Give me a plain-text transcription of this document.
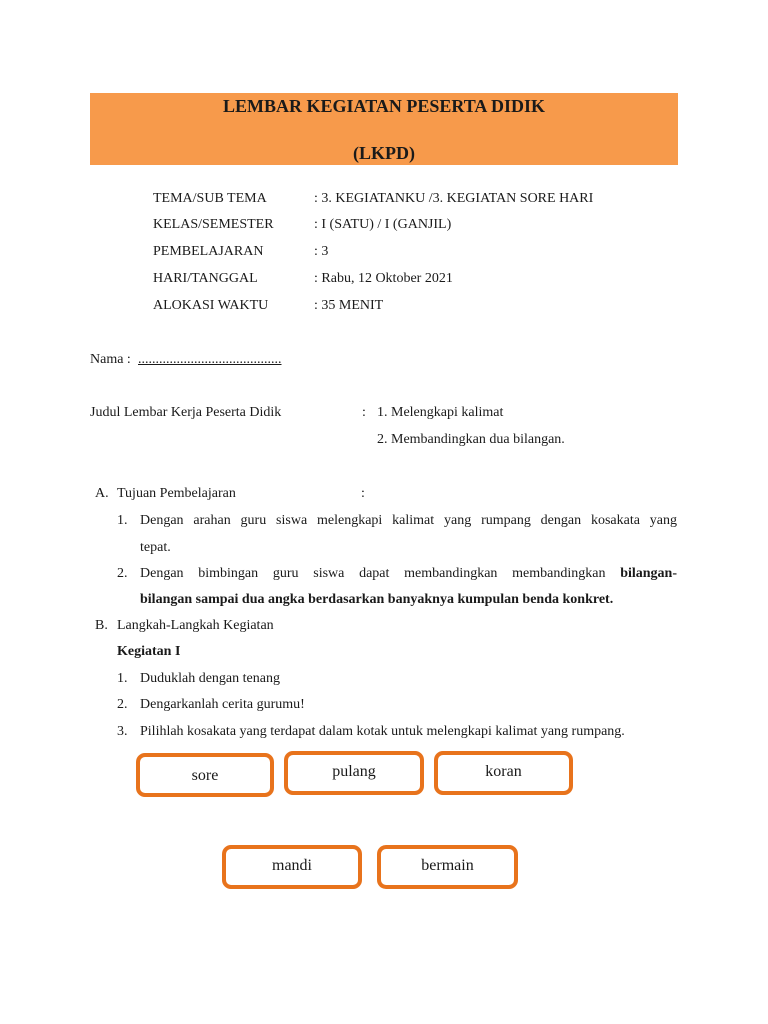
LEMBAR KEGIATAN PESERTA DIDIK
(LKPD)
TEMA/SUB TEMA	: 3. KEGIATANKU /3. KEGIATAN SORE HARI
KELAS/SEMESTER	: I (SATU) / I (GANJIL)
PEMBELAJARAN	: 3
HARI/TANGGAL	: Rabu, 12 Oktober 2021
ALOKASI WAKTU	: 35 MENIT
Nama : .........................................
Judul Lembar Kerja Peserta Didik	: 1. Melengkapi kalimat
2. Membandingkan dua bilangan.
A. Tujuan Pembelajaran	:
1. Dengan arahan guru siswa melengkapi kalimat yang rumpang dengan kosakata yang
tepat.
2. Dengan bimbingan guru siswa dapat membandingkan membandingkan bilangan-
bilangan sampai dua angka berdasarkan banyaknya kumpulan benda konkret.
B. Langkah-Langkah Kegiatan
Kegiatan I
1. Duduklah dengan tenang
2. Dengarkanlah cerita gurumu!
3. Pilihlah kosakata yang terdapat dalam kotak untuk melengkapi kalimat yang rumpang.
sore	pulang	koran
mandi	bermain
